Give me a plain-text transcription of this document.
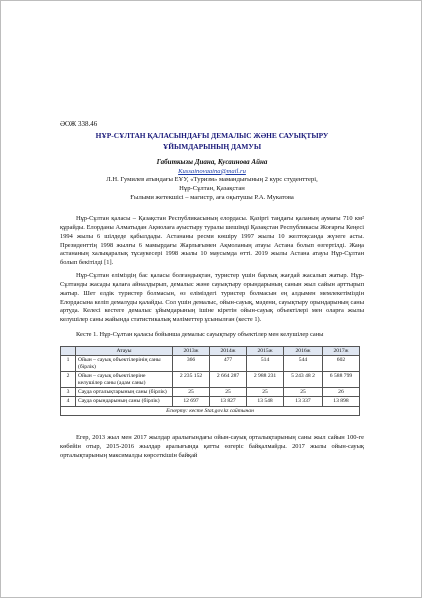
ӘОЖ 338.46
НҰР-СҰЛТАН ҚАЛАСЫНДАҒЫ ДЕМАЛЫС ЖӘНЕ САУЫҚТЫРУ
ҰЙЫМДАРЫНЫҢ ДАМУЫ
Габиткызы Диана, Кусаинова Айна
Kussainovaaina@mail.ru
Л.Н. Гумилев атындағы ЕҰУ, «Туризм» мамандығының 2 курс студенттері,
Нұр-Сұлтан, Қазақстан
Ғылыми жетекшісі – магистр, аға оқытушы Р.А. Мукатова

Нұр-Сұлтан қаласы – Қазақстан Республикасының елордасы. Қазіргі таңдағы қаланың аумағы 710 км² құрайды. Елорданы Алматыдан Ақмолаға ауыстыру туралы шешімді Қазақстан Республикасы Жоғарғы Кеңесі 1994 жылы 6 шілдеде қабылдады. Астананы ресми көшіру 1997 жылы 10 желтоқсанда жүзеге асты. Президенттің 1998 жылғы 6 мамырдағы Жарлығымен Ақмоланың атауы Астана болып өзгертілді. Жаңа астананың халықаралық тұсаукесері 1998 жылы 10 маусымда өтті. 2019 жылы Астана атауы Нұр-Сұлтан болып бекітілді [1].

Нұр-Сұлтан елімiздiң бас қаласы болғандықтан, туристер үшiн барлық жағдай жасалып жатыр. Нұр-Сұлтанды жасады қалаға айналдырып, демалыс және сауықтыру орындарының санын жыл сайын арттырып жатыр. Шет елдік туристер болмасын, өз еліміздегі туристер болмасын ең алдымен мемлекетімiздiн Елордасына келiп демалуды қалайды. Сол үшін демалыс, ойын-сауық, мәдени, сауықтыру орындарының саны артуда. Келесі кестеге демалыс ұйымдарының ішіне кіретін ойын-сауық объектілері мен оларға жылы келушілер саны жайында статистикалық мәліметтер ұсынылған (кесте 1).

Кесте 1. Нұр-Сұлтан қаласы бойынша демалыс сауықтыру объектілер мен келушілер саны
	Атауы	2013ж	2014ж	2015ж	2016ж	2017ж
1	Ойын – сауық объектілерінің саны (бірлік)	366	477	514	544	602
2	Ойын – сауық объектілеріне келушілер саны (адам саны)	2 235 152	2 664 287	2 988 231	5 243 48 2	6 588 799
3	Сауда орталықтарының саны (бірлік)	25	25	25	25	26
4	Сауда орындарының саны (бірлік)	12 697	13 827	13 548	13 337	13 898
Ескерту: кесте Stat.gov.kz сайтынан						

Егер, 2013 жыл мен 2017 жылдар аралығындағы ойын-сауық орталықтарының саны жыл сайын 100-ге көбейін отыр, 2015-2016 жылдар аралығында қатты өзгеріс байқалмайды. 2017 жылы ойын-сауық орталықтарының максималды көрсеткішін байқай
